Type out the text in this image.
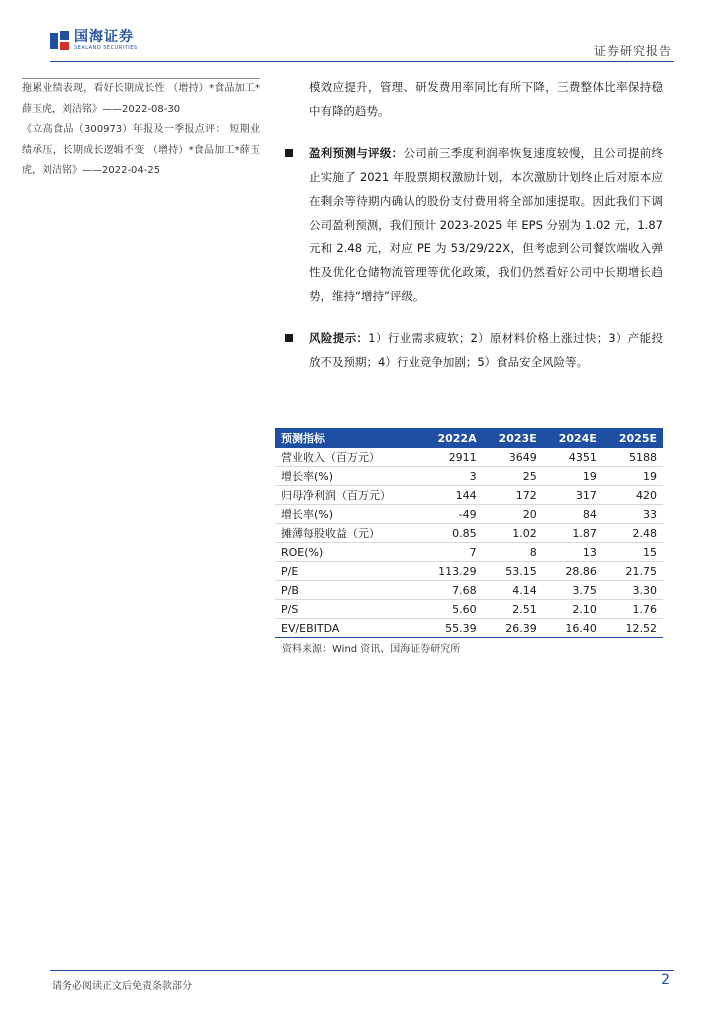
国海证券
SEALAND SECURITIES	证券研究报告
拖累业绩表现，看好长期成长性 （增持）*食品加工*薛玉虎，刘洁铭》——2022-08-30
《立高食品（300973）年报及一季报点评： 短期业绩承压，长期成长逻辑不变 （增持）*食品加工*薛玉虎，刘洁铭》——2022-04-25
模效应提升，管理、研发费用率同比有所下降，三费整体比率保持稳中有降的趋势。
盈利预测与评级：公司前三季度利润率恢复速度较慢，且公司提前终止实施了 2021 年股票期权激励计划，本次激励计划终止后对原本应在剩余等待期内确认的股份支付费用将全部加速提取。因此我们下调公司盈利预测，我们预计 2023-2025 年 EPS 分别为 1.02 元，1.87 元和 2.48 元，对应 PE 为 53/29/22X，但考虑到公司餐饮端收入弹性及优化仓储物流管理等优化政策，我们仍然看好公司中长期增长趋势，维持“增持”评级。
风险提示：1）行业需求疲软；2）原材料价格上涨过快；3）产能投放不及预期；4）行业竞争加剧；5）食品安全风险等。
预测指标	2022A	2023E	2024E	2025E
营业收入（百万元）	2911	3649	4351	5188
增长率(%)	3	25	19	19
归母净利润（百万元）	144	172	317	420
增长率(%)	-49	20	84	33
摊薄每股收益（元）	0.85	1.02	1.87	2.48
ROE(%)	7	8	13	15
P/E	113.29	53.15	28.86	21.75
P/B	7.68	4.14	3.75	3.30
P/S	5.60	2.51	2.10	1.76
EV/EBITDA	55.39	26.39	16.40	12.52
资料来源：Wind 资讯、国海证券研究所
请务必阅读正文后免责条款部分	2
